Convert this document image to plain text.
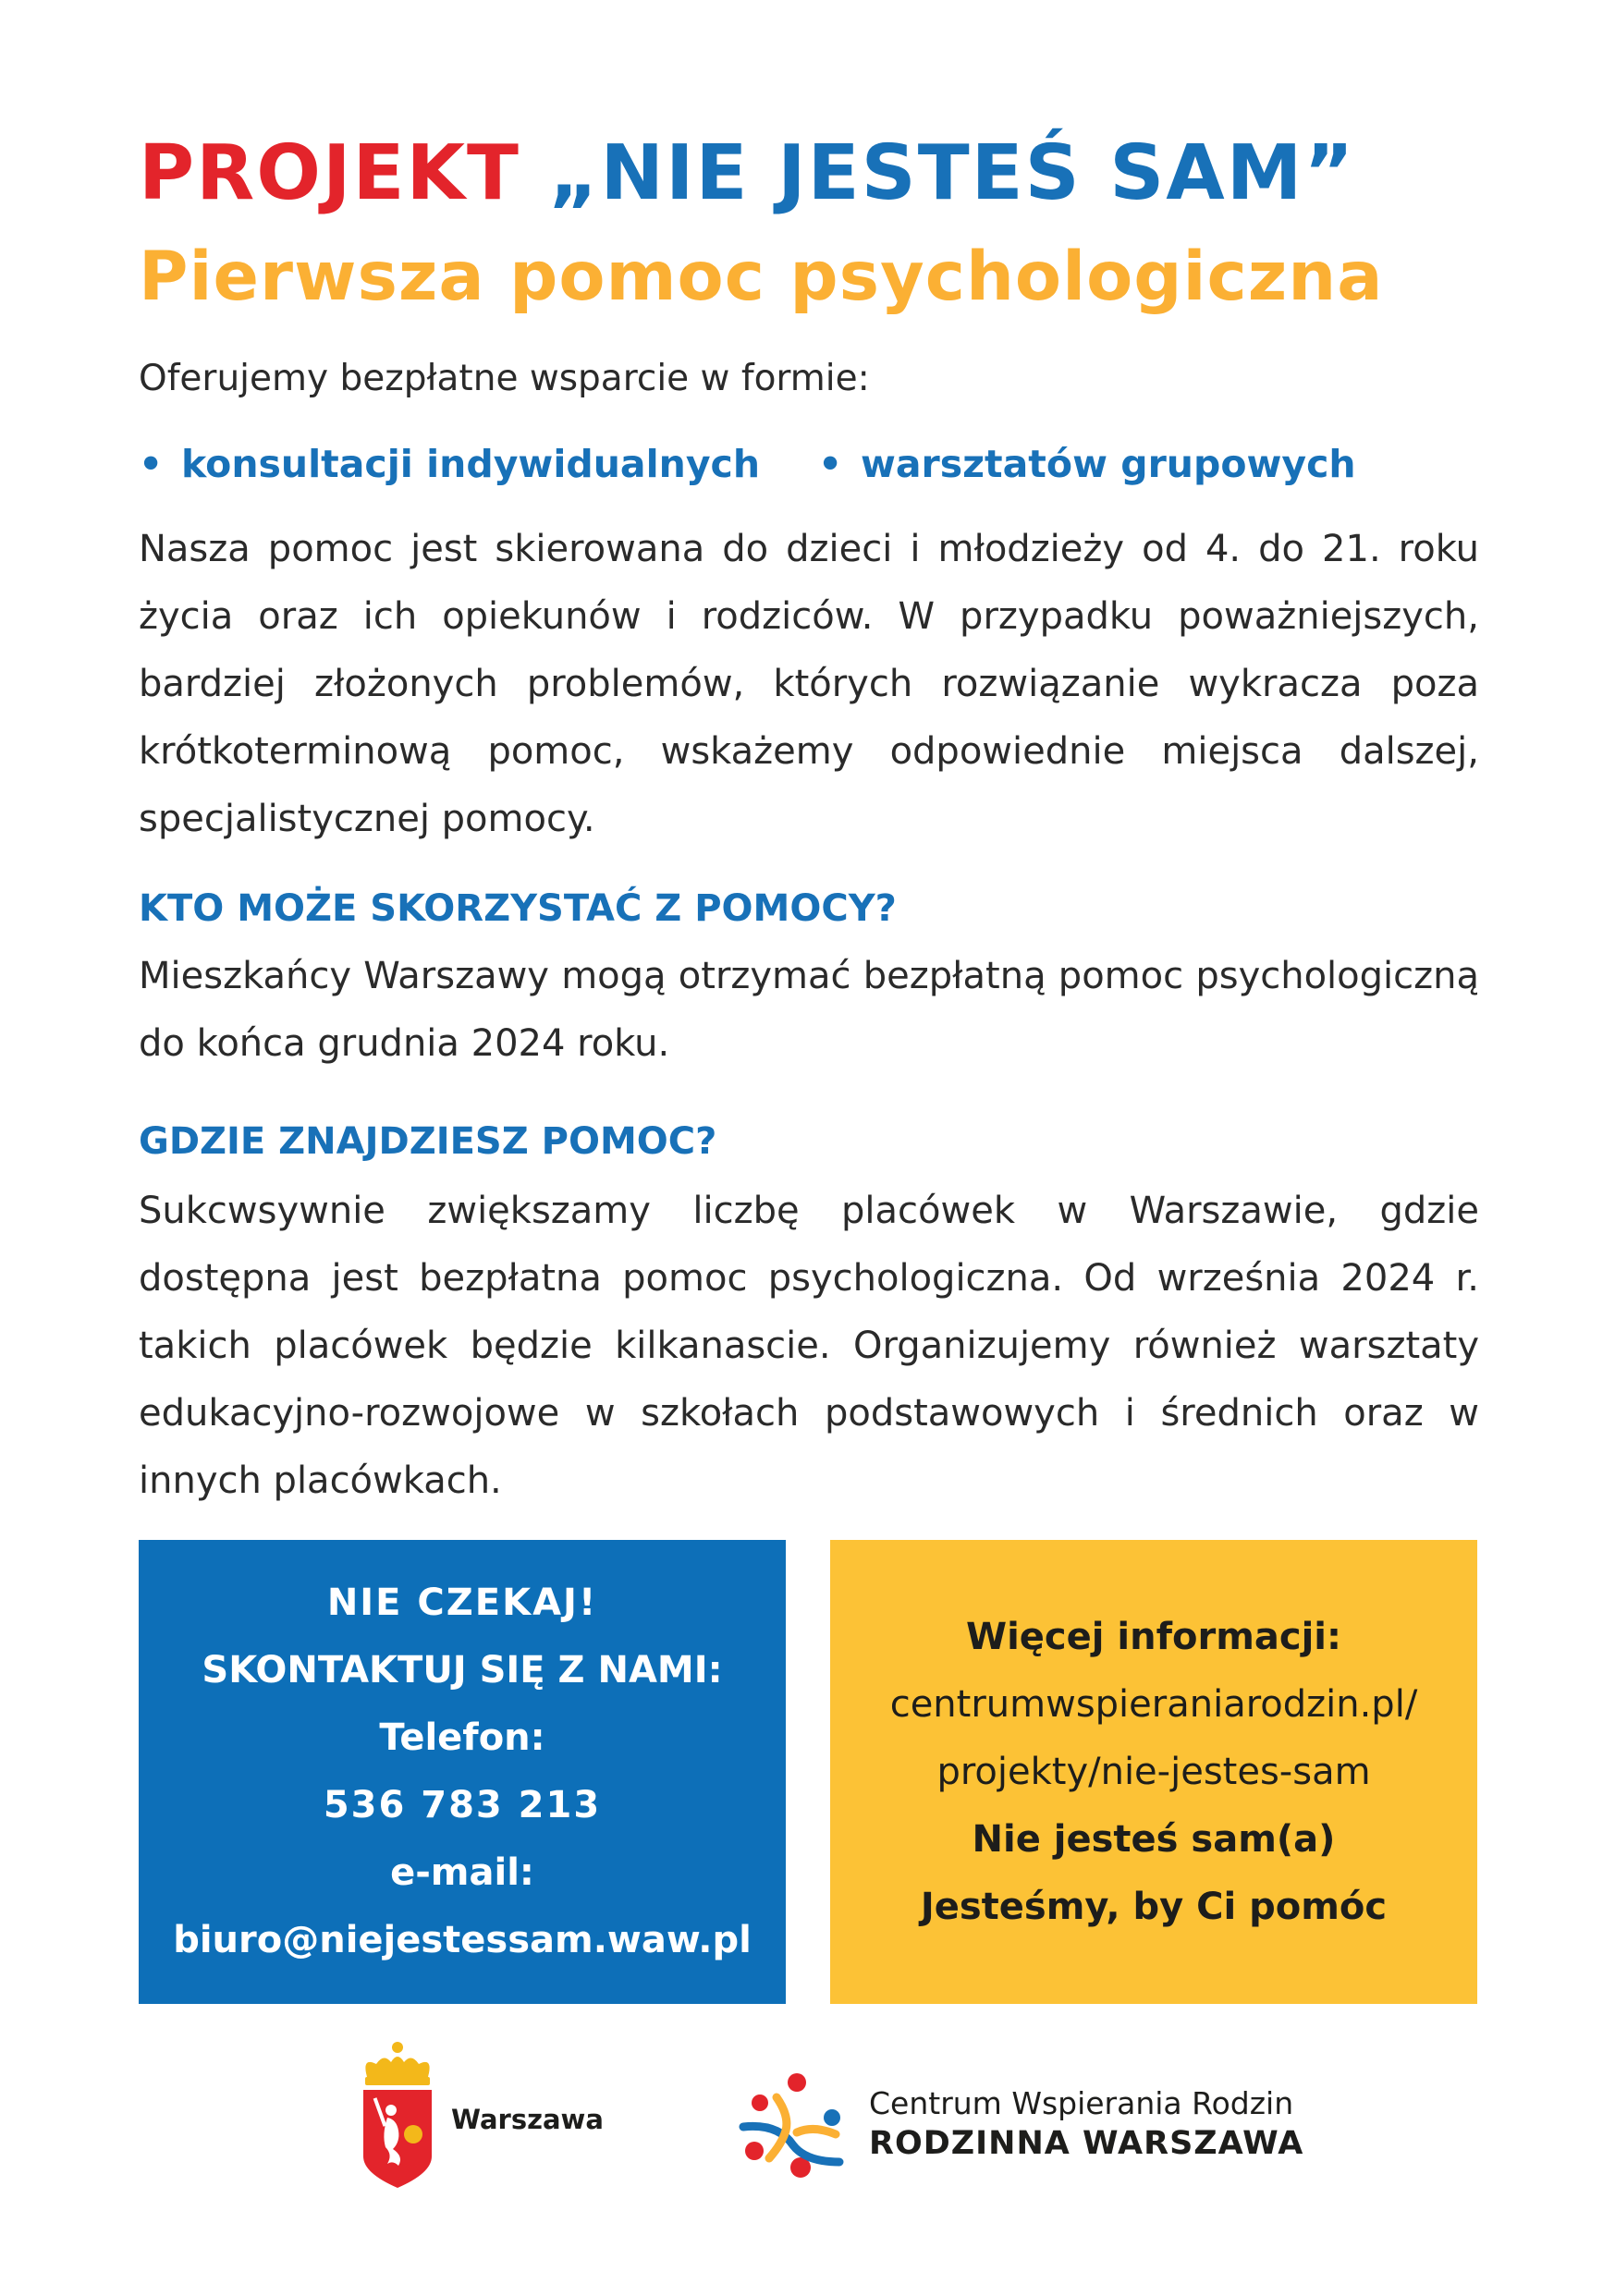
PROJEKT „NIE JESTEŚ SAM”
Pierwsza pomoc psychologiczna
Oferujemy bezpłatne wsparcie w formie:
• konsultacji indywidualnych • warsztatów grupowych
Nasza pomoc jest skierowana do dzieci i młodzieży od 4. do 21. roku życia oraz ich opiekunów i rodziców. W przypadku poważniejszych, bardziej złożonych problemów, których rozwiązanie wykracza poza krótkoterminową pomoc, wskażemy odpowiednie miejsca dalszej, specjalistycznej pomocy.
KTO MOŻE SKORZYSTAĆ Z POMOCY?
Mieszkańcy Warszawy mogą otrzymać bezpłatną pomoc psychologiczną do końca grudnia 2024 roku.
GDZIE ZNAJDZIESZ POMOC?
Sukcwsywnie zwiększamy liczbę placówek w Warszawie, gdzie dostępna jest bezpłatna pomoc psychologiczna. Od września 2024 r. takich placówek będzie kilkanascie. Organizujemy również warsztaty edukacyjno-rozwojowe w szkołach podstawowych i średnich oraz w innych placówkach.
NIE CZEKAJ!
SKONTAKTUJ SIĘ Z NAMI:
Telefon:
536 783 213
e-mail:
biuro@niejestessam.waw.pl
Więcej informacji:
centrumwspieraniarodzin.pl/
projekty/nie-jestes-sam
Nie jesteś sam(a)
Jesteśmy, by Ci pomóc
Warszawa	Centrum Wspierania Rodzin
RODZINNA WARSZAWA
